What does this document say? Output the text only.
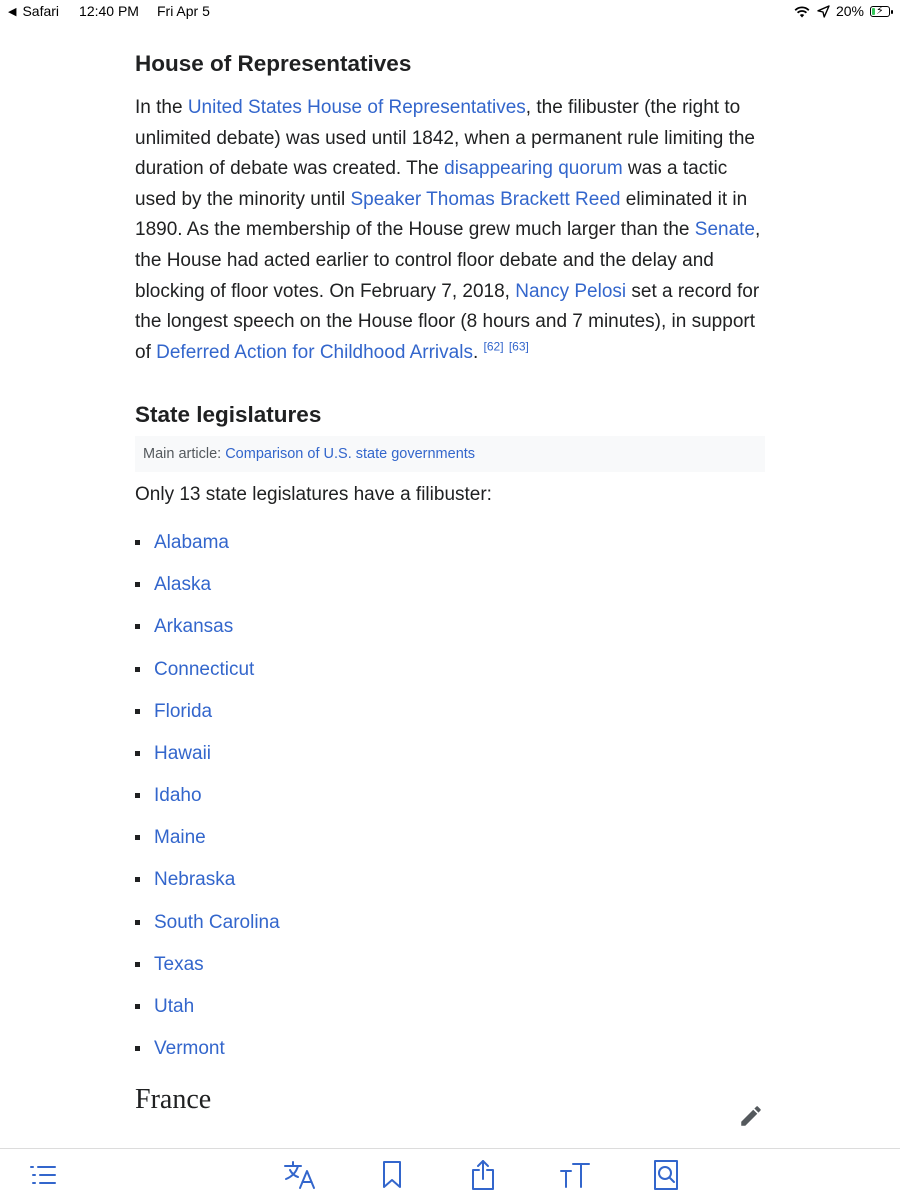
◀ Safari 12:40 PM Fri Apr 5	20% ⚡
House of Representatives

In the United States House of Representatives, the filibuster (the right to unlimited debate) was used until 1842, when a permanent rule limiting the duration of debate was created. The disappearing quorum was a tactic used by the minority until Speaker Thomas Brackett Reed eliminated it in 1890. As the membership of the House grew much larger than the Senate, the House had acted earlier to control floor debate and the delay and blocking of floor votes. On February 7, 2018, Nancy Pelosi set a record for the longest speech on the House floor (8 hours and 7 minutes), in support of Deferred Action for Childhood Arrivals. [62] [63]

State legislatures
Main article: Comparison of U.S. state governments

Only 13 state legislatures have a filibuster:

Alabama
Alaska
Arkansas
Connecticut
Florida
Hawaii
Idaho
Maine
Nebraska
South Carolina
Texas
Utah
Vermont
France
